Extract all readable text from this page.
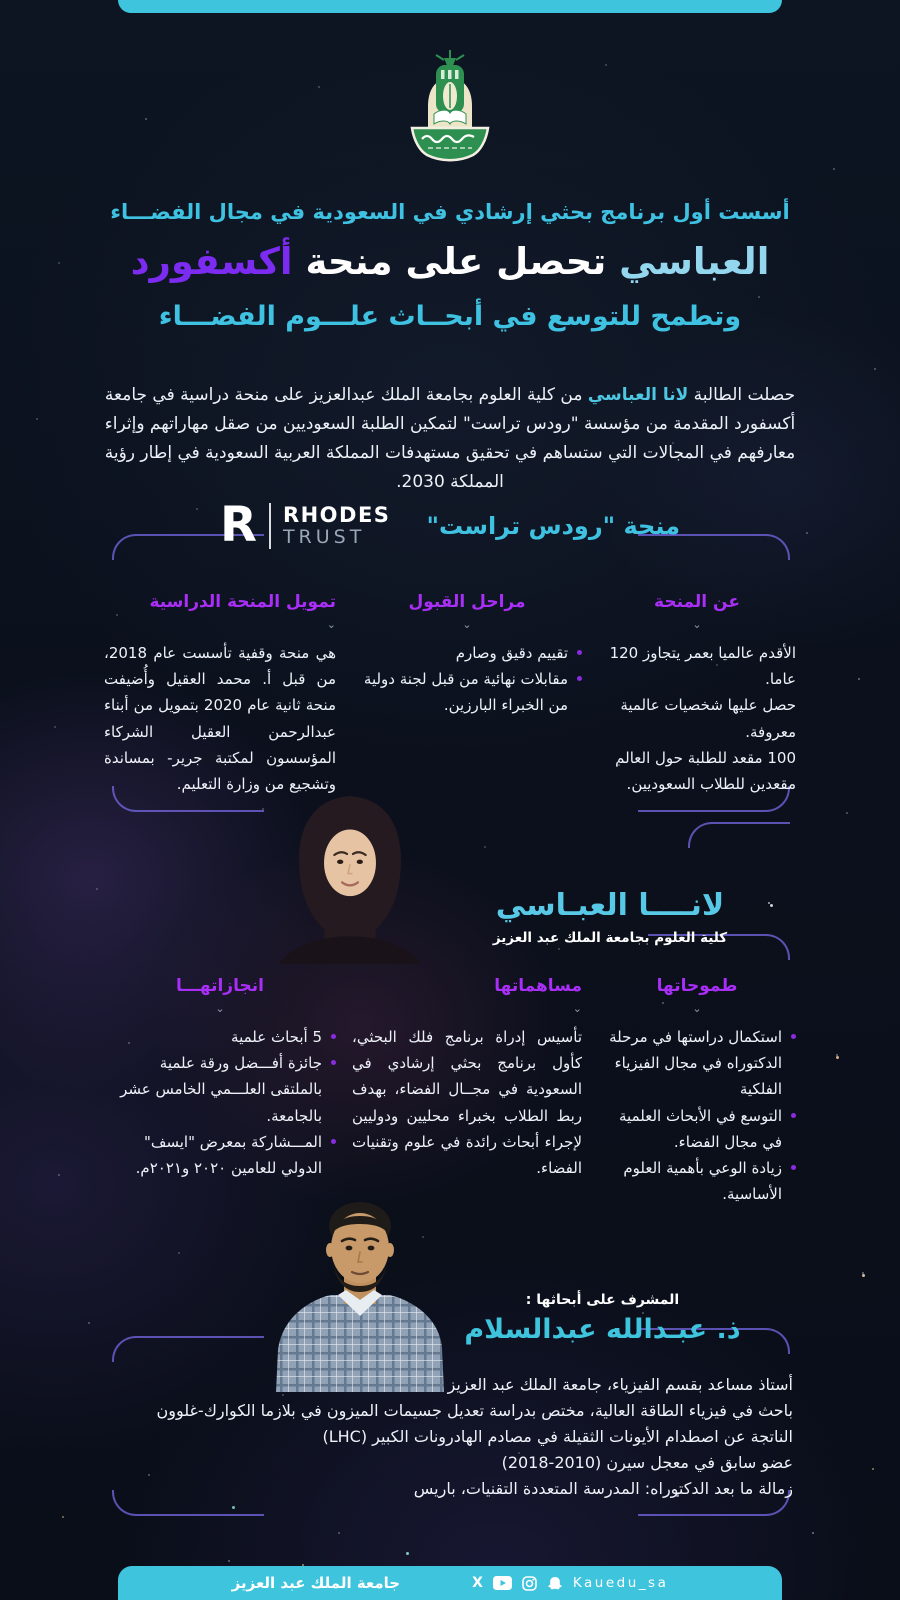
أسست أول برنامج بحثي إرشادي في السعودية في مجال الفضـــاء
العباسي تحصل على منحة أكسفورد
وتطمح للتوسع في أبحــاث علـــوم الفضـــاء

حصلت الطالبة لانا العباسي من كلية العلوم بجامعة الملك عبدالعزيز على منحة دراسية في جامعة أكسفورد المقدمة من مؤسسة "رودس تراست" لتمكين الطلبة السعوديين من صقل مهاراتهم وإثراء معارفهم في المجالات التي ستساهم في تحقيق مستهدفات المملكة العربية السعودية في إطار رؤية المملكة 2030.

R RHODES
TRUST	منحة "رودس تراست"
عن المنحة
⌄
الأقدم عالميا بعمر يتجاوز 120 عاما.
حصل عليها شخصيات عالمية معروفة.
100 مقعد للطلبة حول العالم
مقعدين للطلاب السعوديين.
مراحل القبول
⌄
تقييم دقيق وصارم
مقابلات نهائية من قبل لجنة دولية من الخبراء البارزين.
تمويل المنحة الدراسية
⌄
هي منحة وقفية تأسست عام 2018، من قبل أ. محمد العقيل وأُضيفت منحة ثانية عام 2020 بتمويل من أبناء عبدالرحمن العقيل الشركاء المؤسسون لمكتبة جرير- بمساندة وتشجيع من وزارة التعليم.
لانــــا العبـاسي
كلية العلوم بجامعة الملك عبد العزيز
طموحاتها
⌄
استكمال دراستها في مرحلة الدكتوراه في مجال الفيزياء الفلكية
التوسع في الأبحاث العلمية في مجال الفضاء.
زيادة الوعي بأهمية العلوم الأساسية.
مساهماتها
⌄
تأسيس إدراة برنامج فلك البحثي، كأول برنامج بحثي إرشادي في السعودية في مجــال الفضاء، بهدف ربط الطلاب بخبراء محليين ودوليين لإجراء أبحاث رائدة في علوم وتقنيات الفضاء.
انجازاتهـــا
⌄
5 أبحاث علمية
جائزة أفـــضل ورقة علمية بالملتقى العلـــمي الخامس عشر بالجامعة.
المـــشاركة بمعرض "ايسف" الدولي للعامين ٢٠٢٠ و٢٠٢١م.
المشرف على أبحاثها :
ذ. عبـدالله عبدالسلام
أستاذ مساعد بقسم الفيزياء، جامعة الملك عبد العزيز
باحث في فيزياء الطاقة العالية، مختص بدراسة تعديل جسيمات الميزون في بلازما الكوارك-غلوون
الناتجة عن اصطدام الأيونات الثقيلة في مصادم الهادرونات الكبير (LHC)
عضو سابق في معجل سيرن (2010-2018)
زمالة ما بعد الدكتوراه: المدرسة المتعددة التقنيات، باريس
جامعة الملك عبد العزيز	X	Kauedu_sa
